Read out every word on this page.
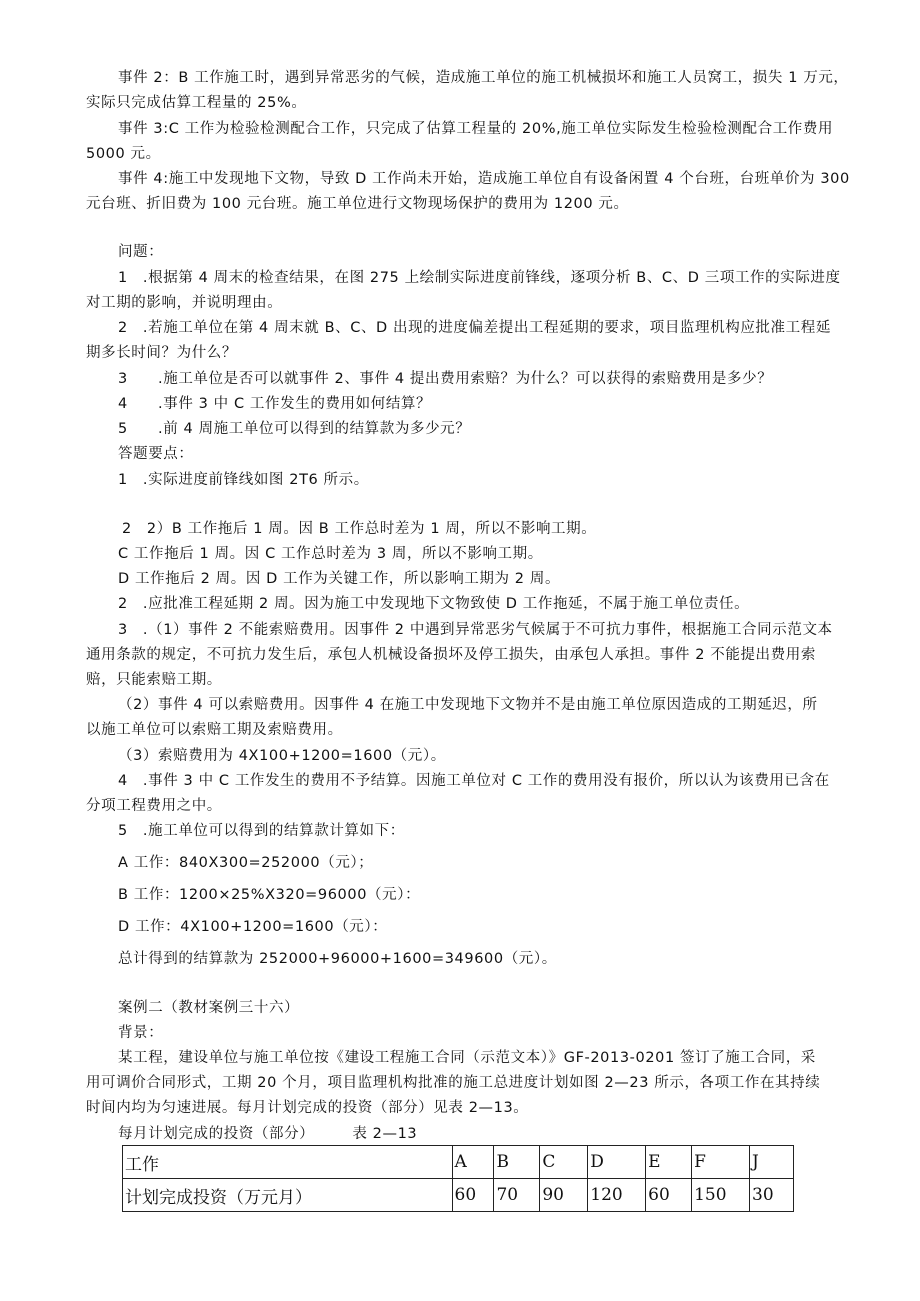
事件 2：B 工作施工时，遇到异常恶劣的气候，造成施工单位的施工机械损坏和施工人员窝工，损失 1 万元，
实际只完成估算工程量的 25%。
事件 3:C 工作为检验检测配合工作，只完成了估算工程量的 20%,施工单位实际发生检验检测配合工作费用
5000 元。
事件 4:施工中发现地下文物，导致 D 工作尚未开始，造成施工单位自有设备闲置 4 个台班，台班单价为 300
元台班、折旧费为 100 元台班。施工单位进行文物现场保护的费用为 1200 元。
问题：
1　.根据第 4 周末的检查结果，在图 275 上绘制实际进度前锋线，逐项分析 B、C、D 三项工作的实际进度
对工期的影响，并说明理由。
2　.若施工单位在第 4 周末就 B、C、D 出现的进度偏差提出工程延期的要求，项目监理机构应批准工程延
期多长时间？为什么？
3　　.施工单位是否可以就事件 2、事件 4 提出费用索赔？为什么？可以获得的索赔费用是多少？
4　　.事件 3 中 C 工作发生的费用如何结算？
5　　.前 4 周施工单位可以得到的结算款为多少元？
答题要点：
1　.实际进度前锋线如图 2T6 所示。
2　2）B 工作拖后 1 周。因 B 工作总时差为 1 周，所以不影响工期。
C 工作拖后 1 周。因 C 工作总时差为 3 周，所以不影响工期。
D 工作拖后 2 周。因 D 工作为关键工作，所以影响工期为 2 周。
2　.应批准工程延期 2 周。因为施工中发现地下文物致使 D 工作拖延，不属于施工单位责任。
3　.（1）事件 2 不能索赔费用。因事件 2 中遇到异常恶劣气候属于不可抗力事件，根据施工合同示范文本
通用条款的规定，不可抗力发生后，承包人机械设备损坏及停工损失，由承包人承担。事件 2 不能提出费用索
赔，只能索赔工期。
（2）事件 4 可以索赔费用。因事件 4 在施工中发现地下文物并不是由施工单位原因造成的工期延迟，所
以施工单位可以索赔工期及索赔费用。
（3）索赔费用为 4X100+1200=1600（元）。
4　.事件 3 中 C 工作发生的费用不予结算。因施工单位对 C 工作的费用没有报价，所以认为该费用已含在
分项工程费用之中。
5　.施工单位可以得到的结算款计算如下：
A 工作：840X300=252000（元）；
B 工作：1200×25%X320=96000（元）：
D 工作：4X100+1200=1600（元）：
总计得到的结算款为 252000+96000+1600=349600（元）。
案例二（教材案例三十六）
背景：
某工程，建设单位与施工单位按《建设工程施工合同（示范文本）》GF-2013-0201 签订了施工合同，采
用可调价合同形式，工期 20 个月，项目监理机构批准的施工总进度计划如图 2—23 所示，各项工作在其持续
时间内均为匀速进展。每月计划完成的投资（部分）见表 2—13。
每月计划完成的投资（部分）　　　表 2—13
工作	A	B	C	D	E	F	J
计划完成投资（万元月）	60	70	90	120	60	150	30
